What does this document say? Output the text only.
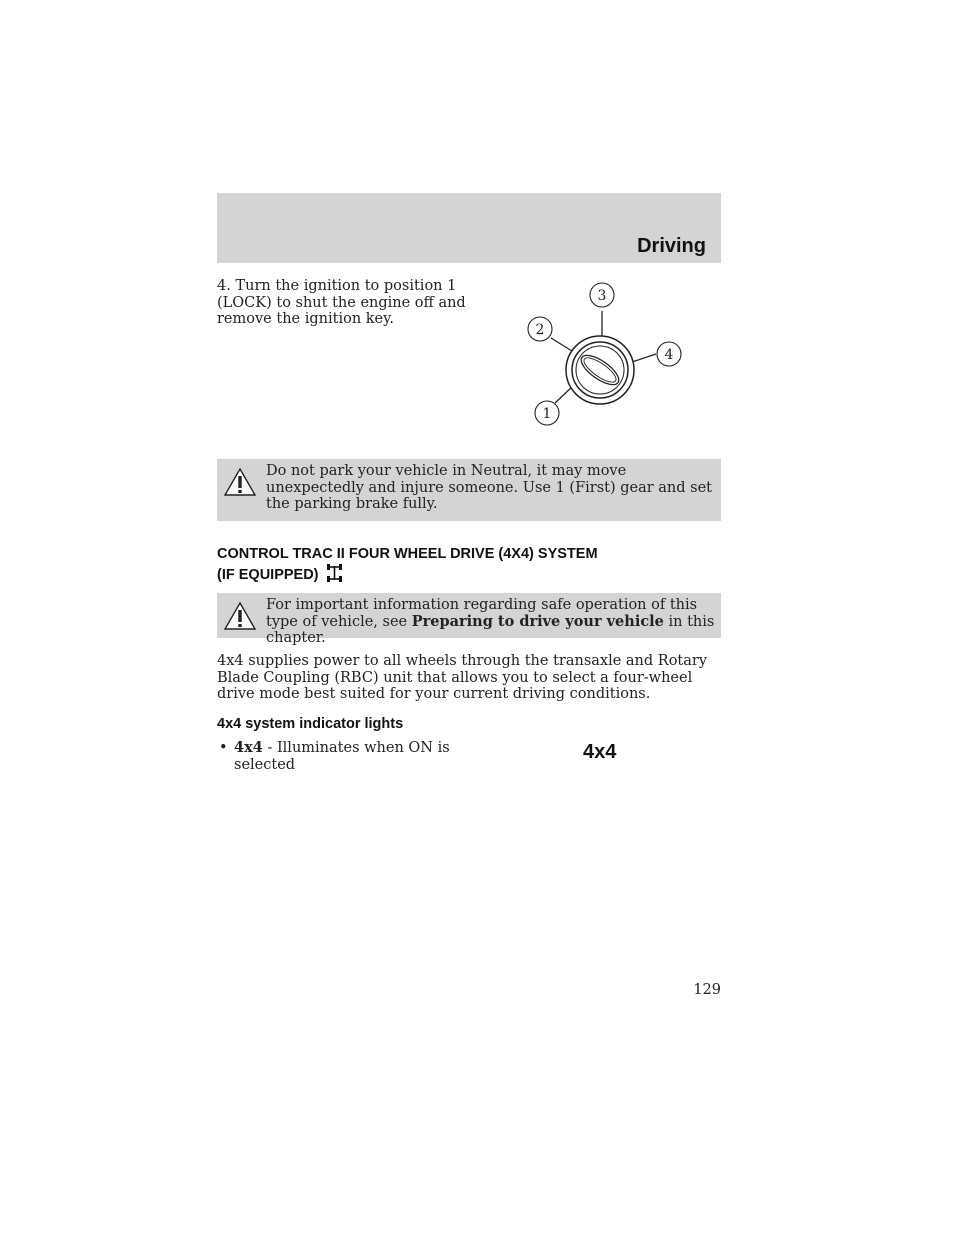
Driving
4. Turn the ignition to position 1 (LOCK) to shut the engine off and remove the ignition key.
3
2
4
1
Do not park your vehicle in Neutral, it may move unexpectedly and injure someone. Use 1 (First) gear and set the parking brake fully.
CONTROL TRAC II FOUR WHEEL DRIVE (4X4) SYSTEM
(IF EQUIPPED)
For important information regarding safe operation of this type of vehicle, see Preparing to drive your vehicle in this chapter.
4x4 supplies power to all wheels through the transaxle and Rotary Blade Coupling (RBC) unit that allows you to select a four-wheel drive mode best suited for your current driving conditions.
4x4 system indicator lights
• 4x4 - Illuminates when ON is selected
4x4
129
